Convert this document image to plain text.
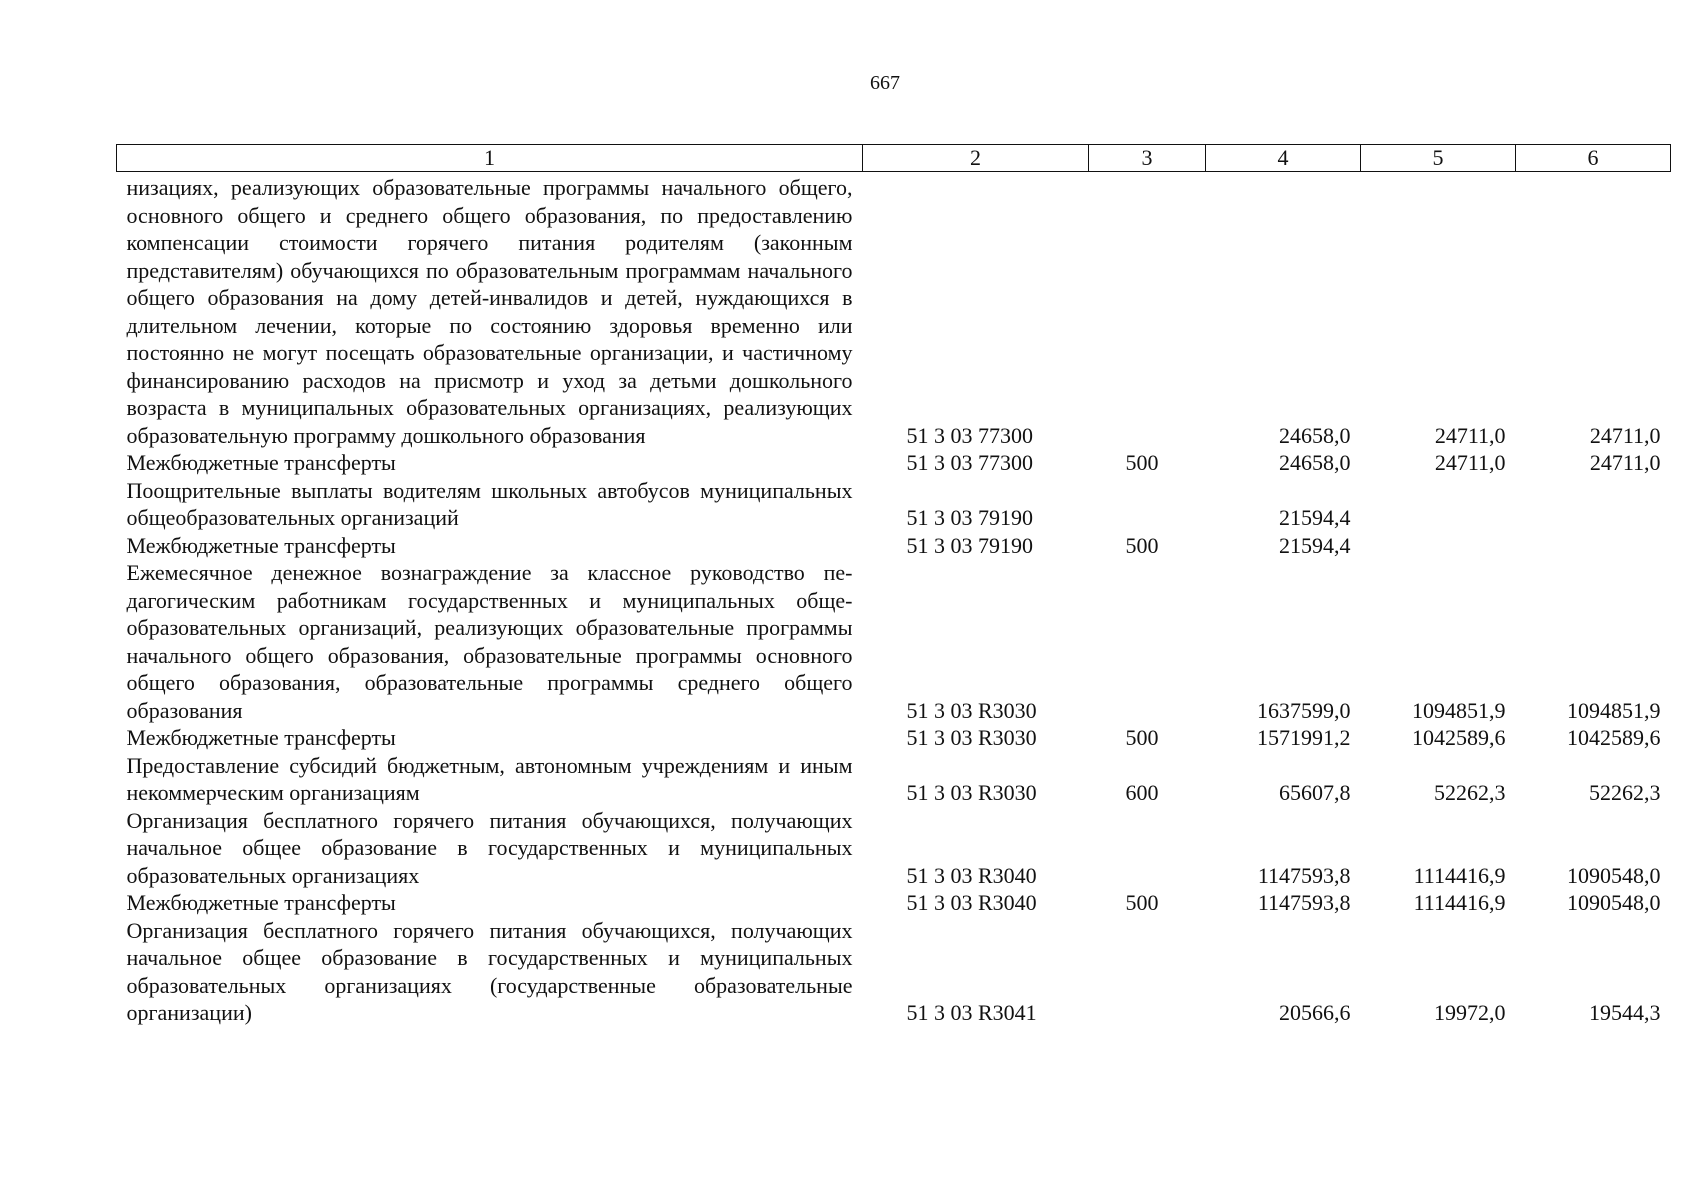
667
1	2	3	4	5	6
низациях, реализующих образовательные программы начального общего, основного общего и среднего общего образования, по предоставлению компенсации стоимости горячего питания родителям (законным представителям) обучающихся по образовательным программам начального общего образования на дому детей-инвалидов и детей, нуждающихся в длительном лечении, которые по состоянию здоровья временно или постоянно не могут посещать образовательные организации, и частичному финансированию расходов на присмотр и уход за детьми дошкольного возраста в муниципальных образовательных организациях, реализующих образовательную программу дошкольного образования	51 3 03 77300		24658,0	24711,0	24711,0
Межбюджетные трансферты	51 3 03 77300	500	24658,0	24711,0	24711,0
Поощрительные выплаты водителям школьных автобусов муниципальных общеобразовательных организаций	51 3 03 79190		21594,4		
Межбюджетные трансферты	51 3 03 79190	500	21594,4		
Ежемесячное денежное вознаграждение за классное руководство педагогическим работникам государственных и муниципальных общеобразовательных организаций, реализующих образовательные программы начального общего образования, образовательные программы основного общего образования, образовательные программы среднего общего образования	51 3 03 R3030		1637599,0	1094851,9	1094851,9
Межбюджетные трансферты	51 3 03 R3030	500	1571991,2	1042589,6	1042589,6
Предоставление субсидий бюджетным, автономным учреждениям и иным некоммерческим организациям	51 3 03 R3030	600	65607,8	52262,3	52262,3
Организация бесплатного горячего питания обучающихся, получающих начальное общее образование в государственных и муниципальных образовательных организациях	51 3 03 R3040		1147593,8	1114416,9	1090548,0
Межбюджетные трансферты	51 3 03 R3040	500	1147593,8	1114416,9	1090548,0
Организация бесплатного горячего питания обучающихся, получающих начальное общее образование в государственных и муниципальных образовательных организациях (государственные образовательные организации)	51 3 03 R3041		20566,6	19972,0	19544,3
